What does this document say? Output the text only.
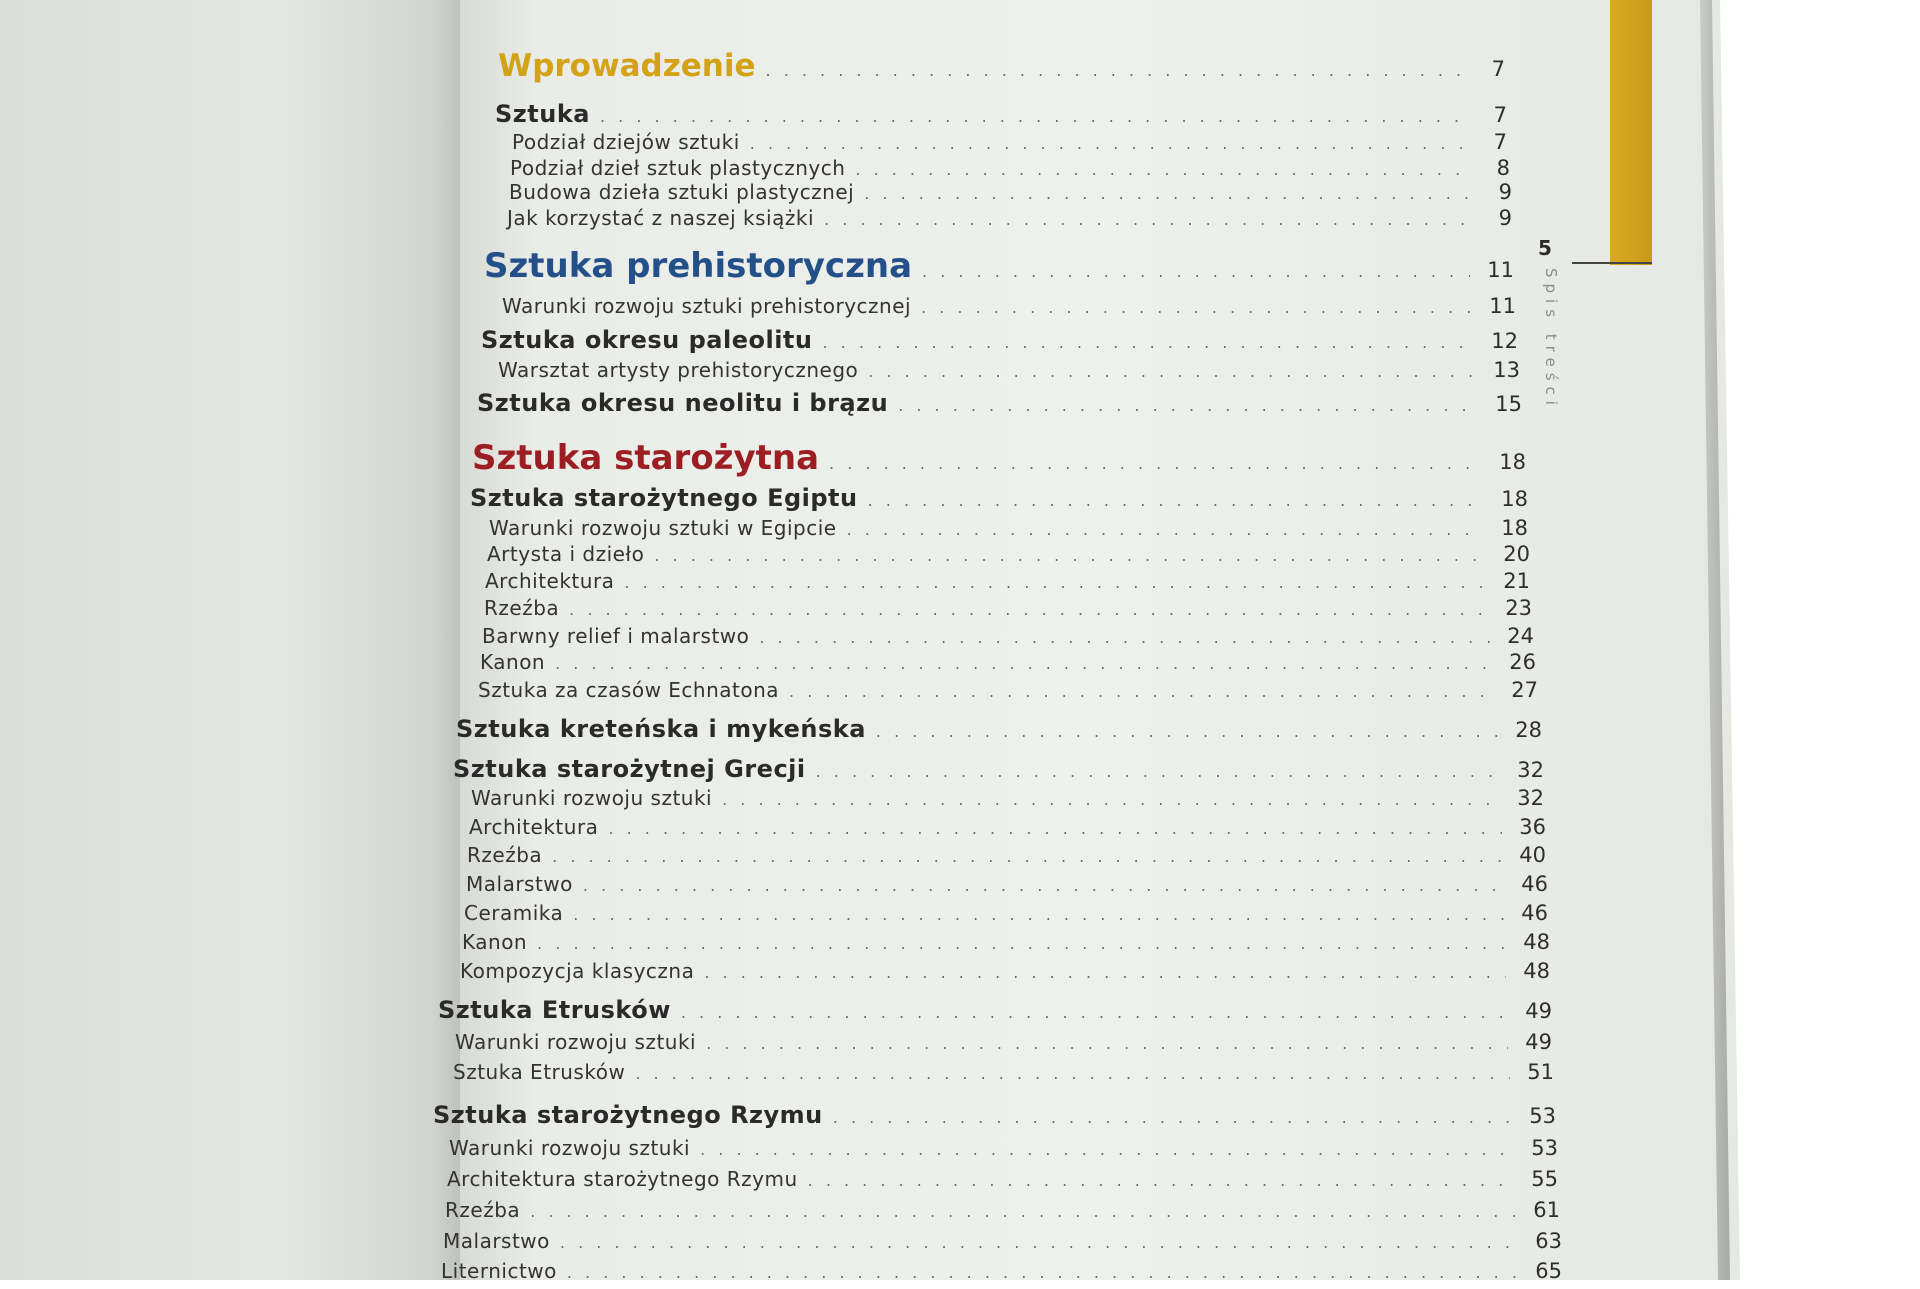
5
Spis treści
Wprowadzenie . . .	7
Sztuka . . .	7
Podział dziejów sztuki . . .	7
Podział dzieł sztuk plastycznych . . .	8
Budowa dzieła sztuki plastycznej . . .	9
Jak korzystać z naszej książki . . .	9
Sztuka prehistoryczna . . .	11
Warunki rozwoju sztuki prehistorycznej . . .	11
Sztuka okresu paleolitu . . .	12
Warsztat artysty prehistorycznego . . .	13
Sztuka okresu neolitu i brązu . . .	15
Sztuka starożytna . . .	18
Sztuka starożytnego Egiptu . . .	18
Warunki rozwoju sztuki w Egipcie . . .	18
Artysta i dzieło . . .	20
Architektura . . .	21
Rzeźba . . .	23
Barwny relief i malarstwo . . .	24
Kanon . . .	26
Sztuka za czasów Echnatona . . .	27
Sztuka kreteńska i mykeńska . . .	28
Sztuka starożytnej Grecji . . .	32
Warunki rozwoju sztuki . . .	32
Architektura . . .	36
Rzeźba . . .	40
Malarstwo . . .	46
Ceramika . . .	46
Kanon . . .	48
Kompozycja klasyczna . . .	48
Sztuka Etrusków . . .	49
Warunki rozwoju sztuki . . .	49
Sztuka Etrusków . . .	51
Sztuka starożytnego Rzymu . . .	53
Warunki rozwoju sztuki . . .	53
Architektura starożytnego Rzymu . . .	55
Rzeźba . . .	61
Malarstwo . . .	63
Liternictwo . . .	65
